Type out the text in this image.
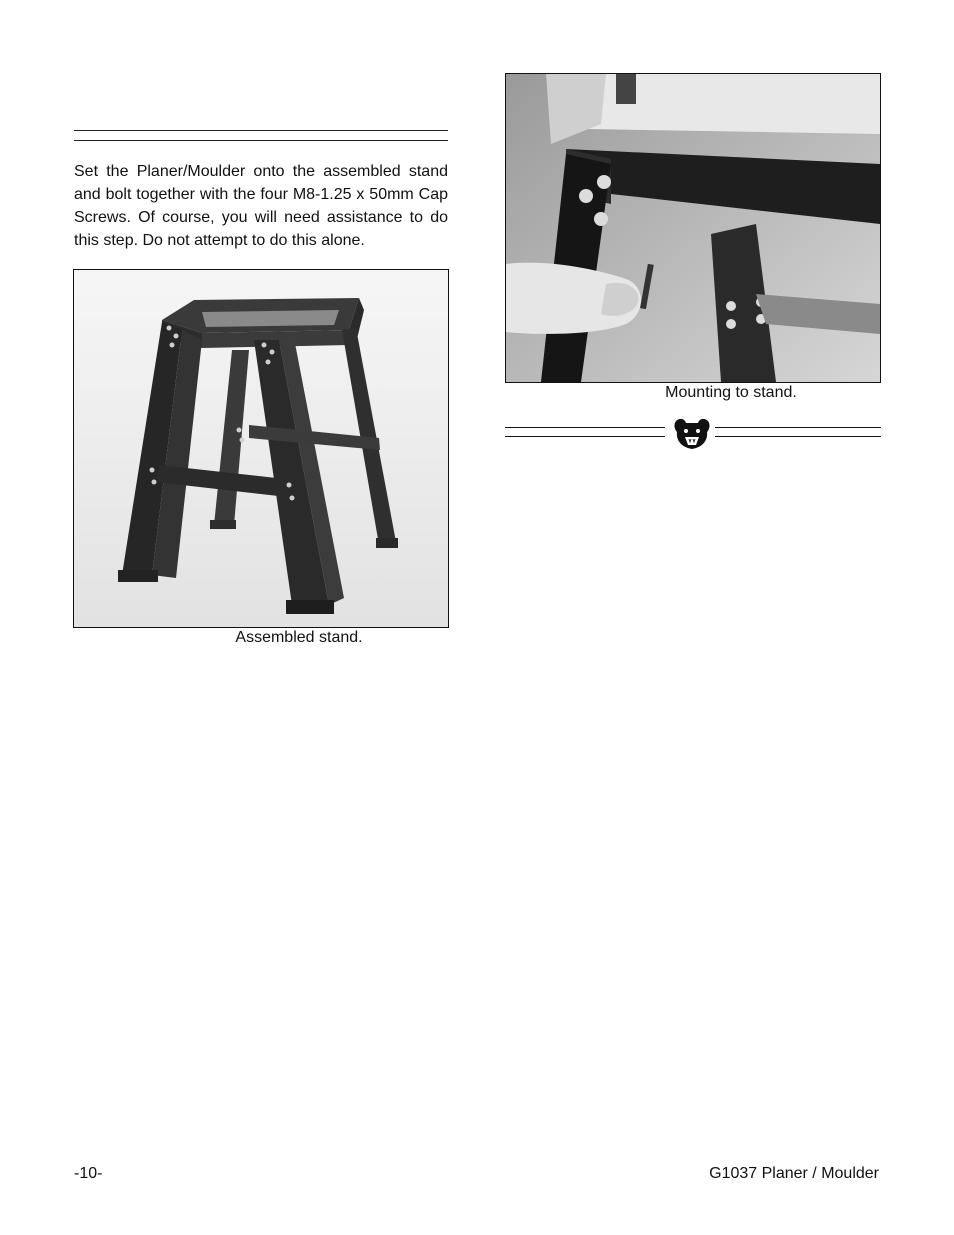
Set the Planer/Moulder onto the assembled stand and bolt together with the four M8-1.25 x 50mm Cap Screws. Of course, you will need assistance to do this step. Do not attempt to do this alone.

Assembled stand.
Mounting to stand.
-10-	G1037 Planer / Moulder
